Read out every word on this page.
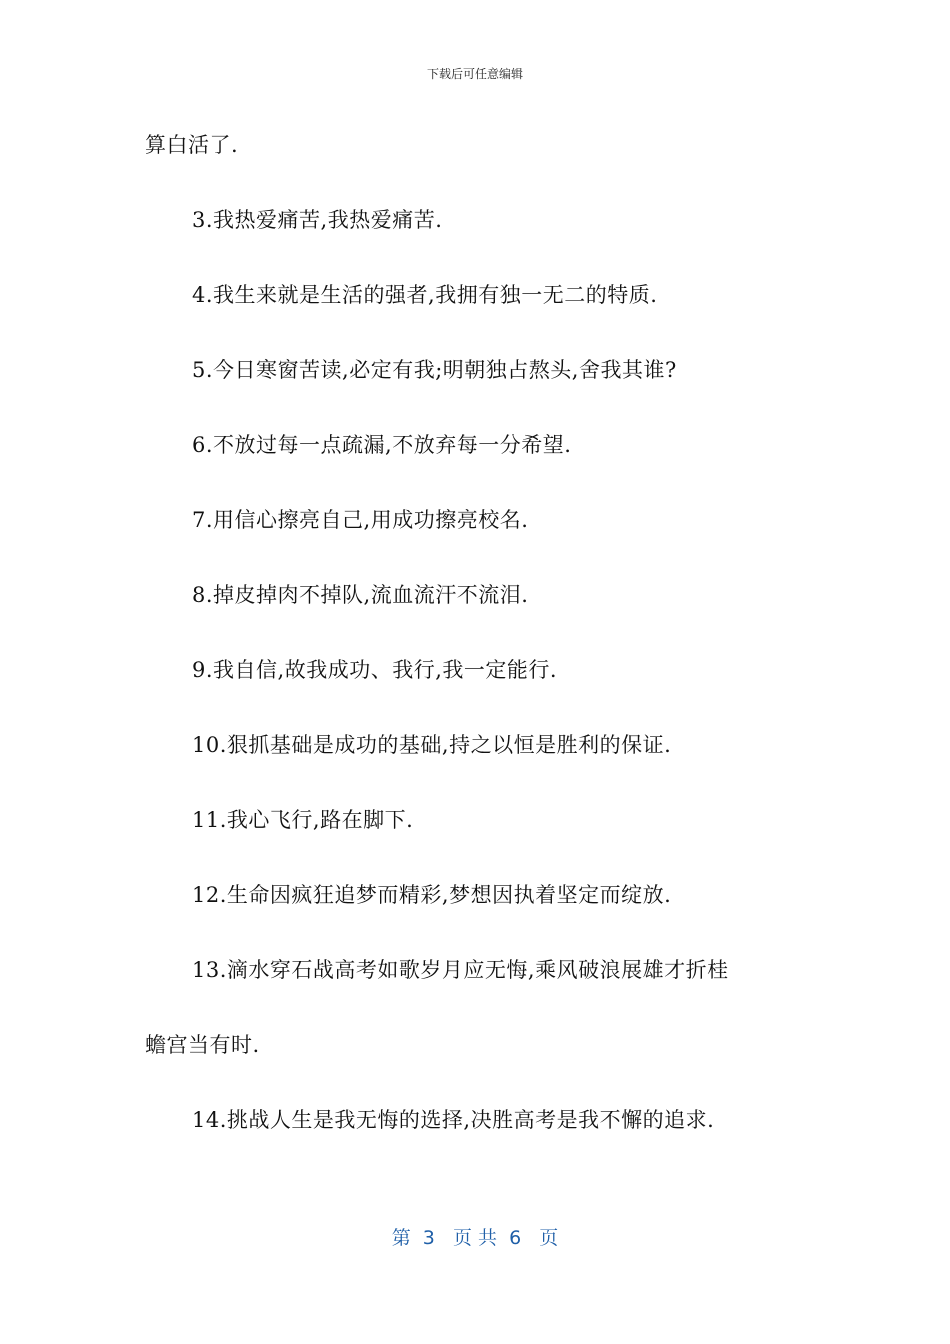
下载后可任意编辑
算白活了.
3.我热爱痛苦,我热爱痛苦.
4.我生来就是生活的强者,我拥有独一无二的特质.
5.今日寒窗苦读,必定有我;明朝独占熬头,舍我其谁?
6.不放过每一点疏漏,不放弃每一分希望.
7.用信心擦亮自己,用成功擦亮校名.
8.掉皮掉肉不掉队,流血流汗不流泪.
9.我自信,故我成功、我行,我一定能行.
10.狠抓基础是成功的基础,持之以恒是胜利的保证.
11.我心飞行,路在脚下.
12.生命因疯狂追梦而精彩,梦想因执着坚定而绽放.
13.滴水穿石战高考如歌岁月应无悔,乘风破浪展雄才折桂
蟾宫当有时.
14.挑战人生是我无悔的选择,决胜高考是我不懈的追求.
第  3   页 共  6   页
